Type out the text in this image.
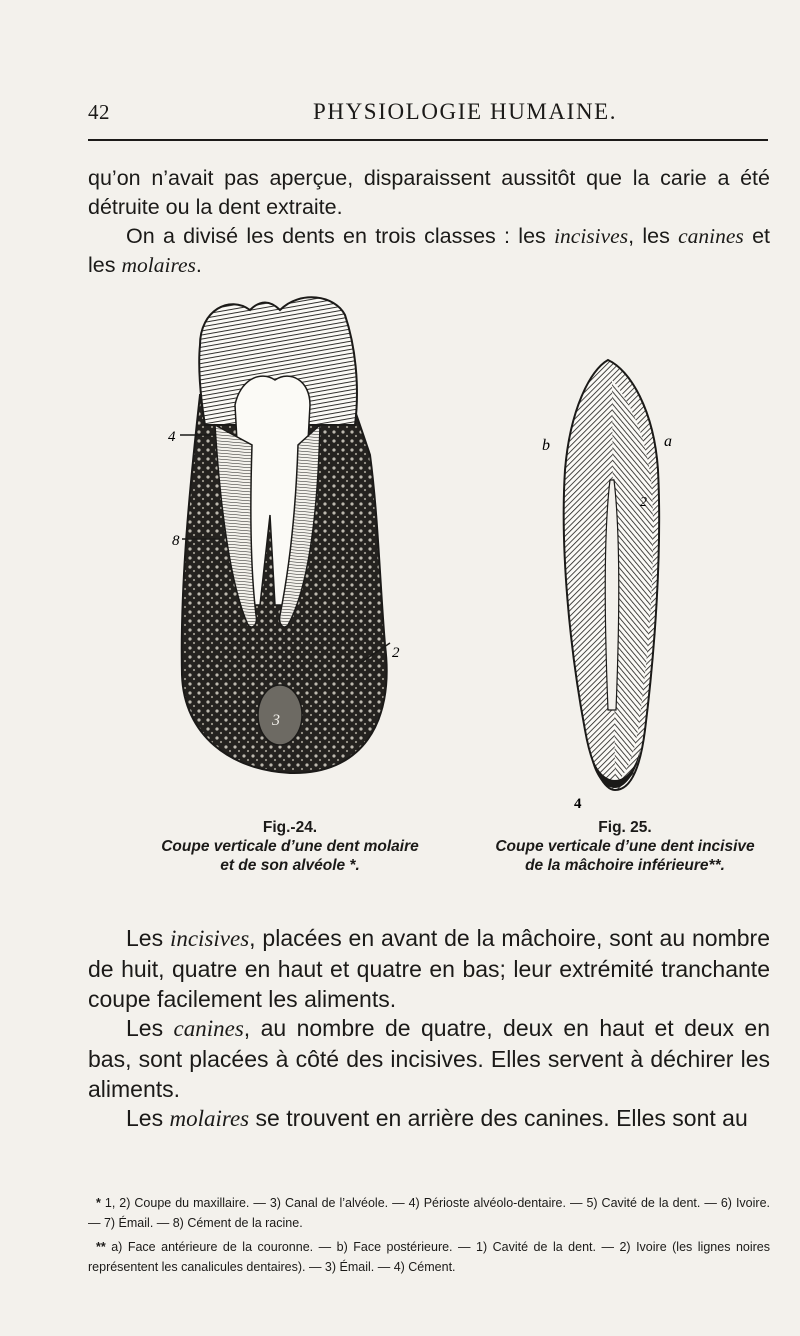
42	PHYSIOLOGIE HUMAINE.

qu’on n’avait pas aperçue, disparaissent aussitôt que la carie a été détruite ou la dent extraite.

On a divisé les dents en trois classes : les incisives, les canines et les molaires.

3
4
8
2
b	a
2
4
Fig.-24.
Coupe verticale d’une dent molaire
et de son alvéole *.
Fig. 25.
Coupe verticale d’une dent incisive
de la mâchoire inférieure**.

Les incisives, placées en avant de la mâchoire, sont au nombre de huit, quatre en haut et quatre en bas; leur extrémité tranchante coupe facilement les aliments.

Les canines, au nombre de quatre, deux en haut et deux en bas, sont placées à côté des incisives. Elles servent à déchirer les aliments.

Les molaires se trouvent en arrière des canines. Elles sont au

* 1, 2) Coupe du maxillaire. — 3) Canal de l’alvéole. — 4) Périoste alvéolo-dentaire. — 5) Cavité de la dent. — 6) Ivoire. — 7) Émail. — 8) Cément de la racine.

** a) Face antérieure de la couronne. — b) Face postérieure. — 1) Cavité de la dent. — 2) Ivoire (les lignes noires représentent les canalicules dentaires). — 3) Émail. — 4) Cément.
